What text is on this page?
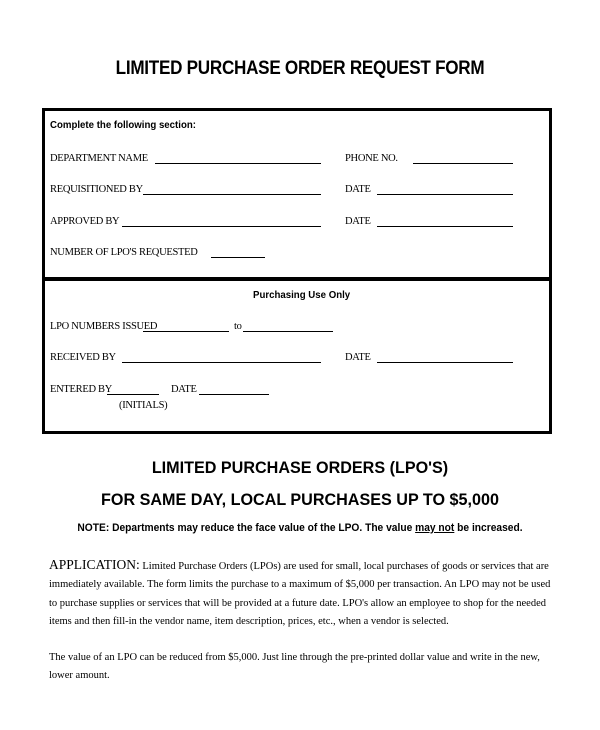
LIMITED PURCHASE ORDER REQUEST FORM
Complete the following section:
DEPARTMENT NAME	PHONE NO.
REQUISITIONED BY	DATE
APPROVED BY	DATE
NUMBER OF LPO'S REQUESTED
Purchasing Use Only
LPO NUMBERS ISSUED	to
RECEIVED BY	DATE
ENTERED BY	DATE
(INITIALS)
LIMITED PURCHASE ORDERS (LPO'S)
FOR SAME DAY, LOCAL PURCHASES UP TO $5,000
NOTE: Departments may reduce the face value of the LPO. The value may not be increased.
APPLICATION: Limited Purchase Orders (LPOs) are used for small, local purchases of goods or services that are
immediately available. The form limits the purchase to a maximum of $5,000 per transaction. An LPO may not be used
to purchase supplies or services that will be provided at a future date. LPO's allow an employee to shop for the needed
items and then fill-in the vendor name, item description, prices, etc., when a vendor is selected.
The value of an LPO can be reduced from $5,000. Just line through the pre-printed dollar value and write in the new,
lower amount.
